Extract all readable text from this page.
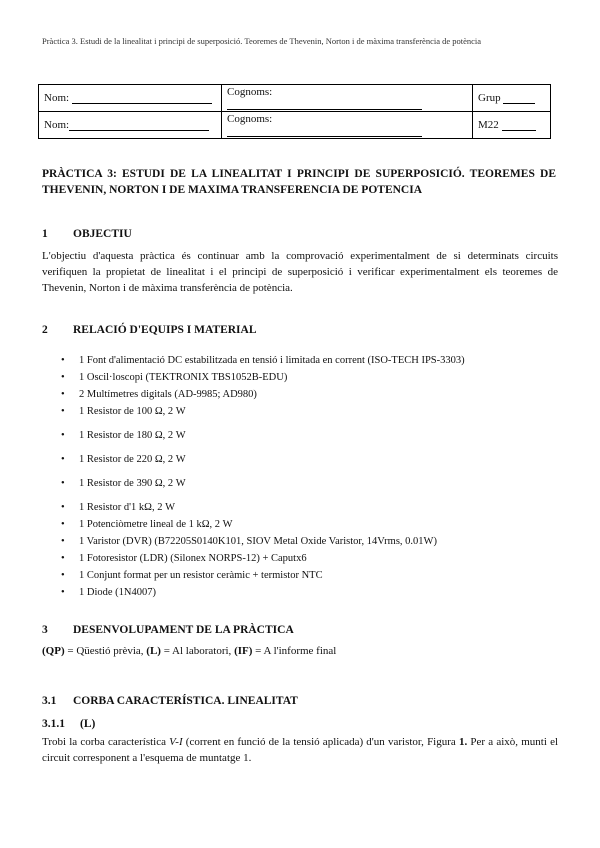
Pràctica 3. Estudi de la linealitat i principi de superposició. Teoremes de Thevenin, Norton i de màxima transferència de potència
Nom:	Cognoms:	Grup
Nom:	Cognoms:	M22
PRÀCTICA 3: ESTUDI DE LA LINEALITAT I PRINCIPI DE SUPERPOSICIÓ. TEOREMES DE THEVENIN, NORTON I DE MAXIMA TRANSFERENCIA DE POTENCIA
1 OBJECTIU
L'objectiu d'aquesta pràctica és continuar amb la comprovació experimentalment de si determinats circuits verifiquen la propietat de linealitat i el principi de superposició i verificar experimentalment els teoremes de Thevenin, Norton i de màxima transferència de potència.
2 RELACIÓ D'EQUIPS I MATERIAL
• 1 Font d'alimentació DC estabilitzada en tensió i limitada en corrent (ISO-TECH IPS-3303)
• 1 Oscil·loscopi (TEKTRONIX TBS1052B-EDU)
• 2 Multímetres digitals (AD-9985; AD980)
• 1 Resistor de 100 Ω, 2 W
• 1 Resistor de 180 Ω, 2 W
• 1 Resistor de 220 Ω, 2 W
• 1 Resistor de 390 Ω, 2 W
• 1 Resistor d'1 kΩ, 2 W
• 1 Potenciòmetre lineal de 1 kΩ, 2 W
• 1 Varistor (DVR) (B72205S0140K101, SIOV Metal Oxide Varistor, 14Vrms, 0.01W)
• 1 Fotoresistor (LDR) (Silonex NORPS-12) + Caputx6
• 1 Conjunt format per un resistor ceràmic + termistor NTC
• 1 Diode (1N4007)
3 DESENVOLUPAMENT DE LA PRÀCTICA
(QP) = Qüestió prèvia, (L) = Al laboratori, (IF) = A l'informe final
3.1 CORBA CARACTERÍSTICA. LINEALITAT
3.1.1 (L)
Trobi la corba característica V-I (corrent en funció de la tensió aplicada) d'un varistor, Figura 1. Per a això, munti el circuit corresponent a l'esquema de muntatge 1.
